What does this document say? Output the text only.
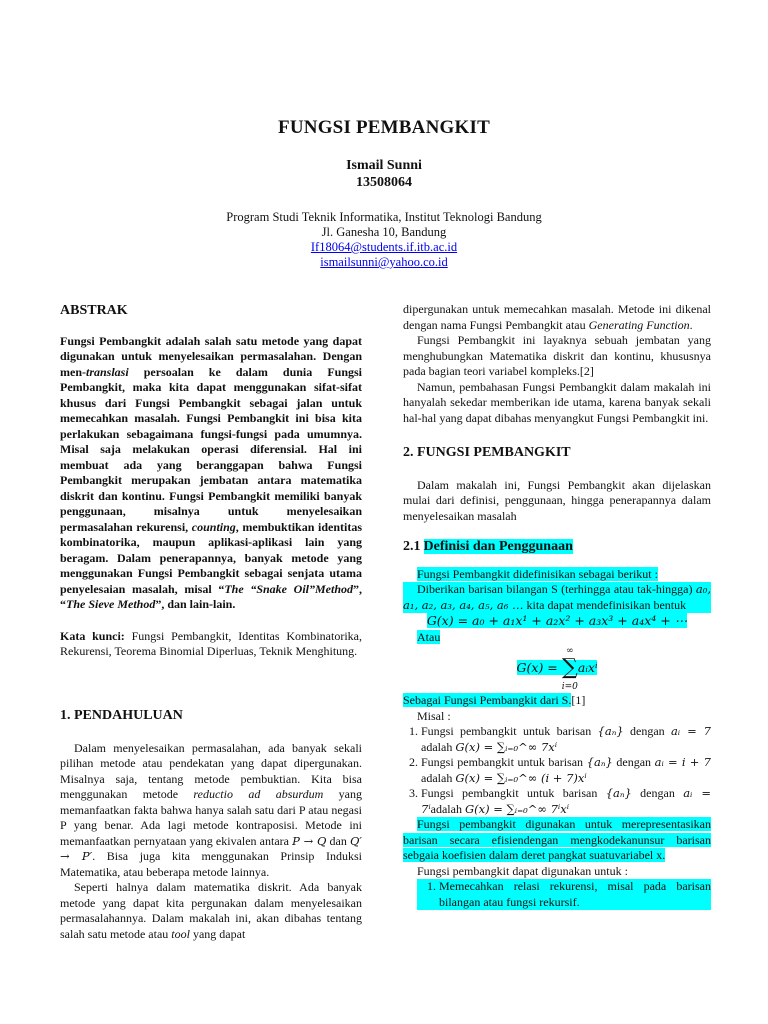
FUNGSI PEMBANGKIT
Ismail Sunni
13508064
Program Studi Teknik Informatika, Institut Teknologi Bandung
Jl. Ganesha 10, Bandung
If18064@students.if.itb.ac.id
ismailsunni@yahoo.co.id
ABSTRAK

Fungsi Pembangkit adalah salah satu metode yang dapat digunakan untuk menyelesaikan permasalahan. Dengan men-translasi persoalan ke dalam dunia Fungsi Pembangkit, maka kita dapat menggunakan sifat-sifat khusus dari Fungsi Pembangkit sebagai jalan untuk memecahkan masalah. Fungsi Pembangkit ini bisa kita perlakukan sebagaimana fungsi-fungsi pada umumnya. Misal saja melakukan operasi diferensial. Hal ini membuat ada yang beranggapan bahwa Fungsi Pembangkit merupakan jembatan antara matematika diskrit dan kontinu. Fungsi Pembangkit memiliki banyak penggunaan, misalnya untuk menyelesaikan permasalahan rekurensi, counting, membuktikan identitas kombinatorika, maupun aplikasi-aplikasi lain yang beragam. Dalam penerapannya, banyak metode yang menggunakan Fungsi Pembangkit sebagai senjata utama penyelesaian masalah, misal “The “Snake Oil”Method”, “The Sieve Method”, dan lain-lain.

Kata kunci: Fungsi Pembangkit, Identitas Kombinatorika, Rekurensi, Teorema Binomial Diperluas, Teknik Menghitung.

1. PENDAHULUAN

Dalam menyelesaikan permasalahan, ada banyak sekali pilihan metode atau pendekatan yang dapat dipergunakan. Misalnya saja, tentang metode pembuktian. Kita bisa menggunakan metode reductio ad absurdum yang memanfaatkan fakta bahwa hanya salah satu dari P atau negasi P yang benar. Ada lagi metode kontraposisi. Metode ini memanfaatkan pernyataan yang ekivalen antara P → Q dan Q′ → P′. Bisa juga kita menggunakan Prinsip Induksi Matematika, atau beberapa metode lainnya.

Seperti halnya dalam matematika diskrit. Ada banyak metode yang dapat kita pergunakan dalam menyelesaikan permasalahannya. Dalam makalah ini, akan dibahas tentang salah satu metode atau tool yang dapat

dipergunakan untuk memecahkan masalah. Metode ini dikenal dengan nama Fungsi Pembangkit atau Generating Function.

Fungsi Pembangkit ini layaknya sebuah jembatan yang menghubungkan Matematika diskrit dan kontinu, khususnya pada bagian teori variabel kompleks.[2]

Namun, pembahasan Fungsi Pembangkit dalam makalah ini hanyalah sekedar memberikan ide utama, karena banyak sekali hal-hal yang dapat dibahas menyangkut Fungsi Pembangkit ini.

2. FUNGSI PEMBANGKIT

Dalam makalah ini, Fungsi Pembangkit akan dijelaskan mulai dari definisi, penggunaan, hingga penerapannya dalam menyelesaikan masalah

2.1 Definisi dan Penggunaan

Fungsi Pembangkit didefinisikan sebagai berikut :

Diberikan barisan bilangan S (terhingga atau tak-hingga) a₀, a₁, a₂, a₃, a₄, a₅, a₆ … kita dapat mendefinisikan bentuk

G(x) = a₀ + a₁x¹ + a₂x² + a₃x³ + a₄x⁴ + ⋯

Atau

G(x) = ∞
∑
i=0aᵢxⁱ

Sebagai Fungsi Pembangkit dari S.[1]

Misal :

1. Fungsi pembangkit untuk barisan {aₙ} dengan aᵢ = 7 adalah G(x) = ∑ᵢ₌₀^∞ 7xⁱ
2. Fungsi pembangkit untuk barisan {aₙ} dengan aᵢ = i + 7 adalah G(x) = ∑ᵢ₌₀^∞ (i + 7)xⁱ
3. Fungsi pembangkit untuk barisan {aₙ} dengan aᵢ = 7ⁱadalah G(x) = ∑ᵢ₌₀^∞ 7ⁱxⁱ

Fungsi pembangkit digunakan untuk merepresentasikan barisan secara efisiendengan mengkodekanunsur barisan sebgaia koefisien dalam deret pangkat suatuvariabel x.

Fungsi pembangkit dapat digunakan untuk :

1. Memecahkan relasi rekurensi, misal pada barisan bilangan atau fungsi rekursif.
